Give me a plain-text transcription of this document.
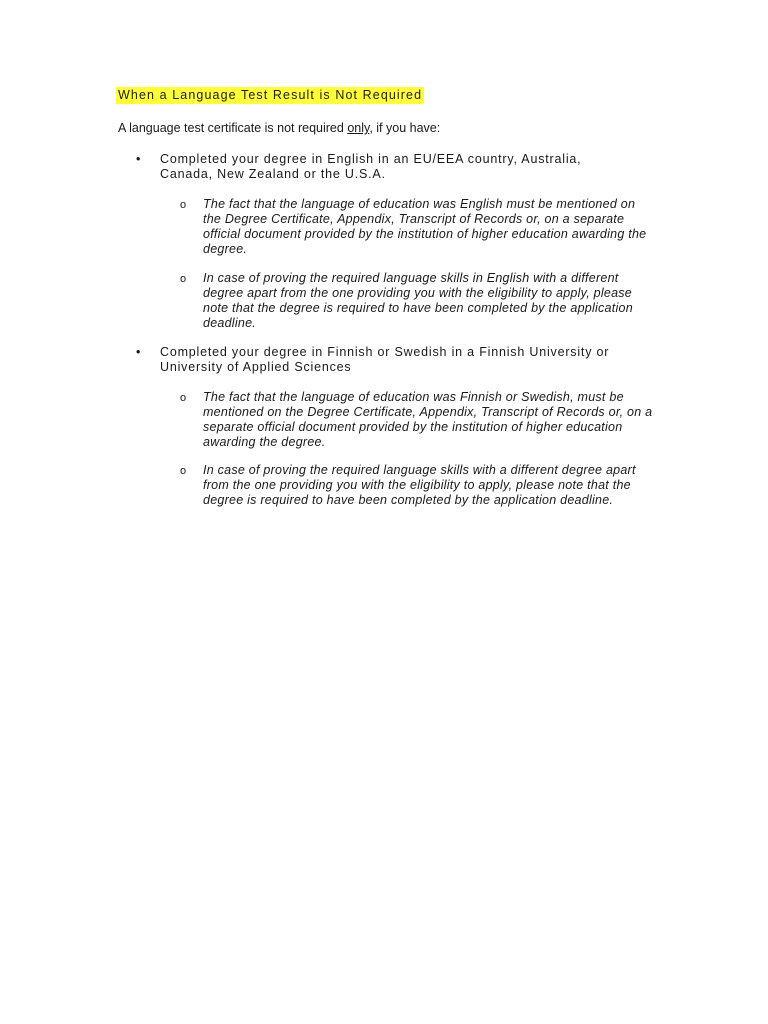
When a Language Test Result is Not Required
A language test certificate is not required only, if you have:
• Completed your degree in English in an EU/EEA country, Australia, Canada, New Zealand or the U.S.A.

o The fact that the language of education was English must be mentioned on the Degree Certificate, Appendix, Transcript of Records or, on a separate official document provided by the institution of higher education awarding the degree.

o In case of proving the required language skills in English with a different degree apart from the one providing you with the eligibility to apply, please note that the degree is required to have been completed by the application deadline.

• Completed your degree in Finnish or Swedish in a Finnish University or University of Applied Sciences

o The fact that the language of education was Finnish or Swedish, must be mentioned on the Degree Certificate, Appendix, Transcript of Records or, on a separate official document provided by the institution of higher education awarding the degree.

o In case of proving the required language skills with a different degree apart from the one providing you with the eligibility to apply, please note that the degree is required to have been completed by the application deadline.
